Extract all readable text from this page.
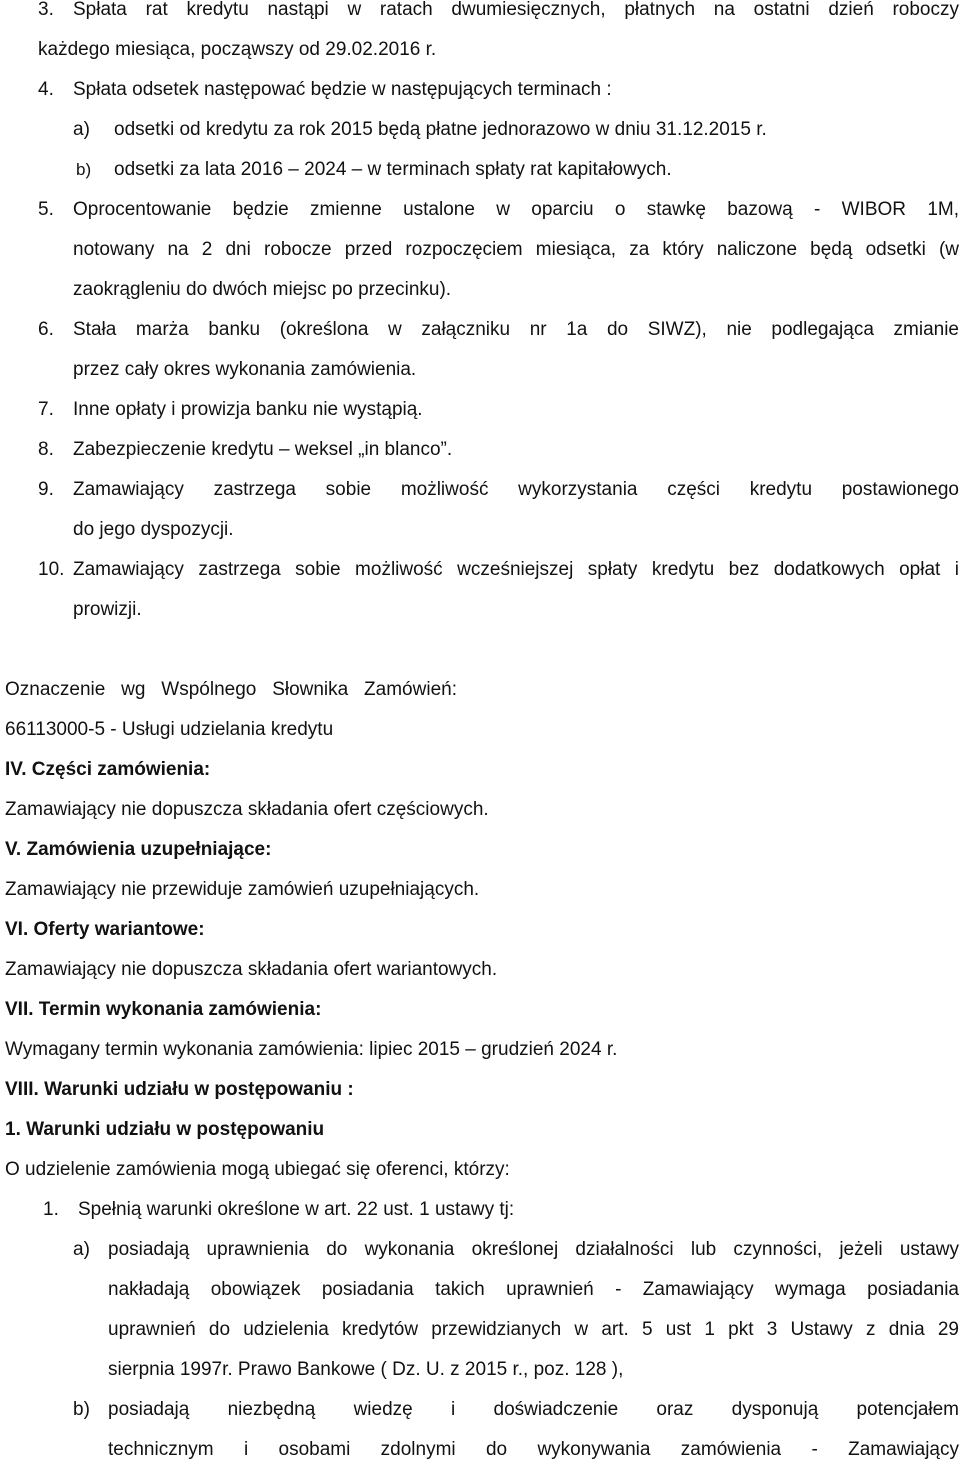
3. Spłata rat kredytu nastąpi w ratach dwumiesięcznych, płatnych na ostatni dzień roboczy
każdego miesiąca, począwszy od 29.02.2016 r.
4. Spłata odsetek następować będzie w następujących terminach :
a) odsetki od kredytu za rok 2015 będą płatne jednorazowo w dniu 31.12.2015 r.
b) odsetki za lata 2016 – 2024 – w terminach spłaty rat kapitałowych.
5. Oprocentowanie będzie zmienne ustalone w oparciu o stawkę bazową - WIBOR 1M,
notowany na 2 dni robocze przed rozpoczęciem miesiąca, za który naliczone będą odsetki (w
zaokrągleniu do dwóch miejsc po przecinku).
6. Stała marża banku (określona w załączniku nr 1a do SIWZ), nie podlegająca zmianie
przez cały okres wykonania zamówienia.
7. Inne opłaty i prowizja banku nie wystąpią.
8. Zabezpieczenie kredytu – weksel „in blanco”.
9. Zamawiający zastrzega sobie możliwość wykorzystania części kredytu postawionego
do jego dyspozycji.
10. Zamawiający zastrzega sobie możliwość wcześniejszej spłaty kredytu bez dodatkowych opłat i
prowizji.
Oznaczenie   wg   Wspólnego   Słownika   Zamówień:
66113000-5 - Usługi udzielania kredytu
IV. Części zamówienia:
Zamawiający nie dopuszcza składania ofert częściowych.
V. Zamówienia uzupełniające:
Zamawiający nie przewiduje zamówień uzupełniających.
VI. Oferty wariantowe:
Zamawiający nie dopuszcza składania ofert wariantowych.
VII. Termin wykonania zamówienia:
Wymagany termin wykonania zamówienia: lipiec 2015 – grudzień 2024 r.
VIII. Warunki udziału w postępowaniu :
1. Warunki udziału w postępowaniu
O udzielenie zamówienia mogą ubiegać się oferenci, którzy:
1. Spełnią warunki określone w art. 22 ust. 1 ustawy tj:
a) posiadają uprawnienia do wykonania określonej działalności lub czynności, jeżeli ustawy
nakładają obowiązek posiadania takich uprawnień - Zamawiający wymaga posiadania
uprawnień do udzielenia kredytów przewidzianych w art. 5 ust 1 pkt 3 Ustawy z dnia 29
sierpnia 1997r. Prawo Bankowe ( Dz. U. z 2015 r., poz. 128 ),
b) posiadają niezbędną wiedzę i doświadczenie oraz dysponują potencjałem
technicznym i osobami zdolnymi do wykonywania zamówienia - Zamawiający
